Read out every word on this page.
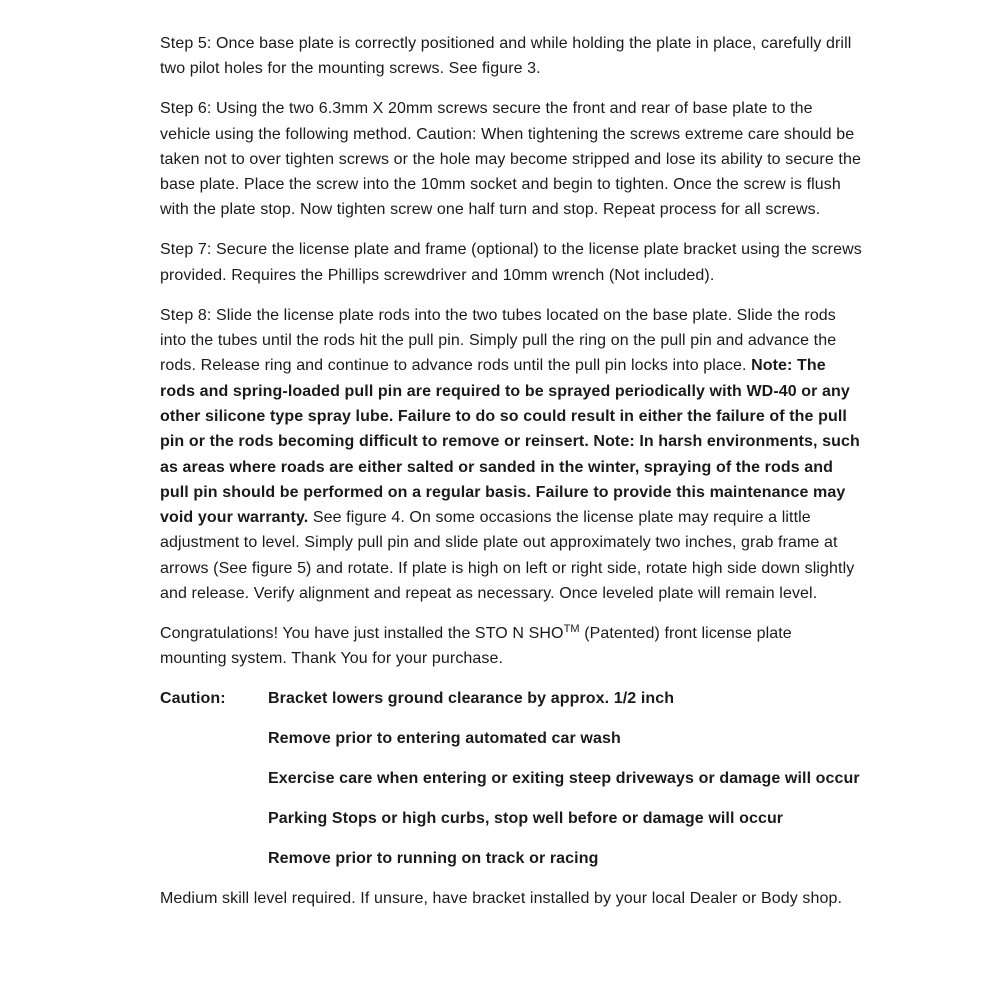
Step 5: Once base plate is correctly positioned and while holding the plate in place, carefully drill two pilot holes for the mounting screws. See figure 3.

Step 6: Using the two 6.3mm X 20mm screws secure the front and rear of base plate to the vehicle using the following method. Caution: When tightening the screws extreme care should be taken not to over tighten screws or the hole may become stripped and lose its ability to secure the base plate. Place the screw into the 10mm socket and begin to tighten. Once the screw is flush with the plate stop. Now tighten screw one half turn and stop. Repeat process for all screws.

Step 7: Secure the license plate and frame (optional) to the license plate bracket using the screws provided. Requires the Phillips screwdriver and 10mm wrench (Not included).

Step 8: Slide the license plate rods into the two tubes located on the base plate. Slide the rods into the tubes until the rods hit the pull pin. Simply pull the ring on the pull pin and advance the rods. Release ring and continue to advance rods until the pull pin locks into place. Note: The rods and spring-loaded pull pin are required to be sprayed periodically with WD-40 or any other silicone type spray lube. Failure to do so could result in either the failure of the pull pin or the rods becoming difficult to remove or reinsert. Note: In harsh environments, such as areas where roads are either salted or sanded in the winter, spraying of the rods and pull pin should be performed on a regular basis. Failure to provide this maintenance may void your warranty. See figure 4. On some occasions the license plate may require a little adjustment to level. Simply pull pin and slide plate out approximately two inches, grab frame at arrows (See figure 5) and rotate. If plate is high on left or right side, rotate high side down slightly and release. Verify alignment and repeat as necessary. Once leveled plate will remain level.

Congratulations! You have just installed the STO N SHO™ (Patented) front license plate mounting system. Thank You for your purchase.

Caution:	Bracket lowers ground clearance by approx. 1/2 inch
Remove prior to entering automated car wash
Exercise care when entering or exiting steep driveways or damage will occur
Parking Stops or high curbs, stop well before or damage will occur
Remove prior to running on track or racing

Medium skill level required. If unsure, have bracket installed by your local Dealer or Body shop.
